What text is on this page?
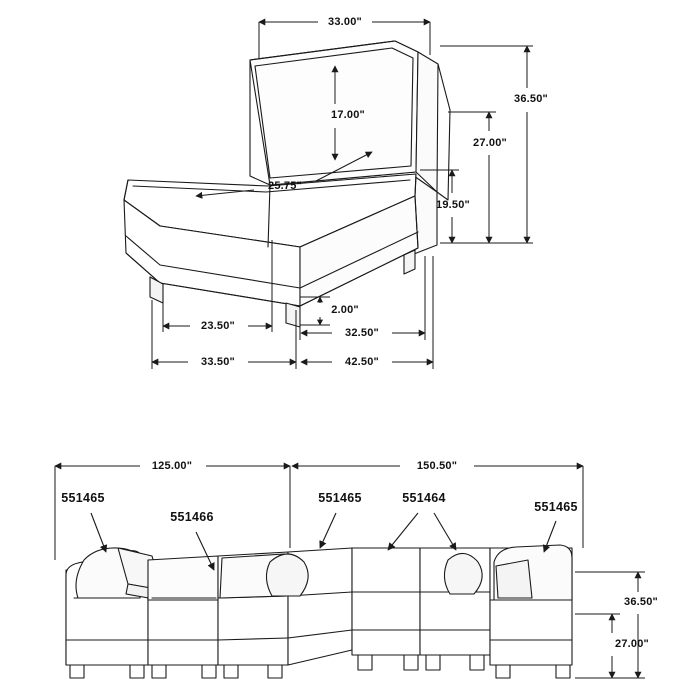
33.00"
17.00"
25.75"
36.50"
27.00"
19.50"
2.00"
23.50"
32.50"
33.50"	42.50"
125.00"	150.50"
36.50"
27.00"
551465
551466
551465	551464
551465
